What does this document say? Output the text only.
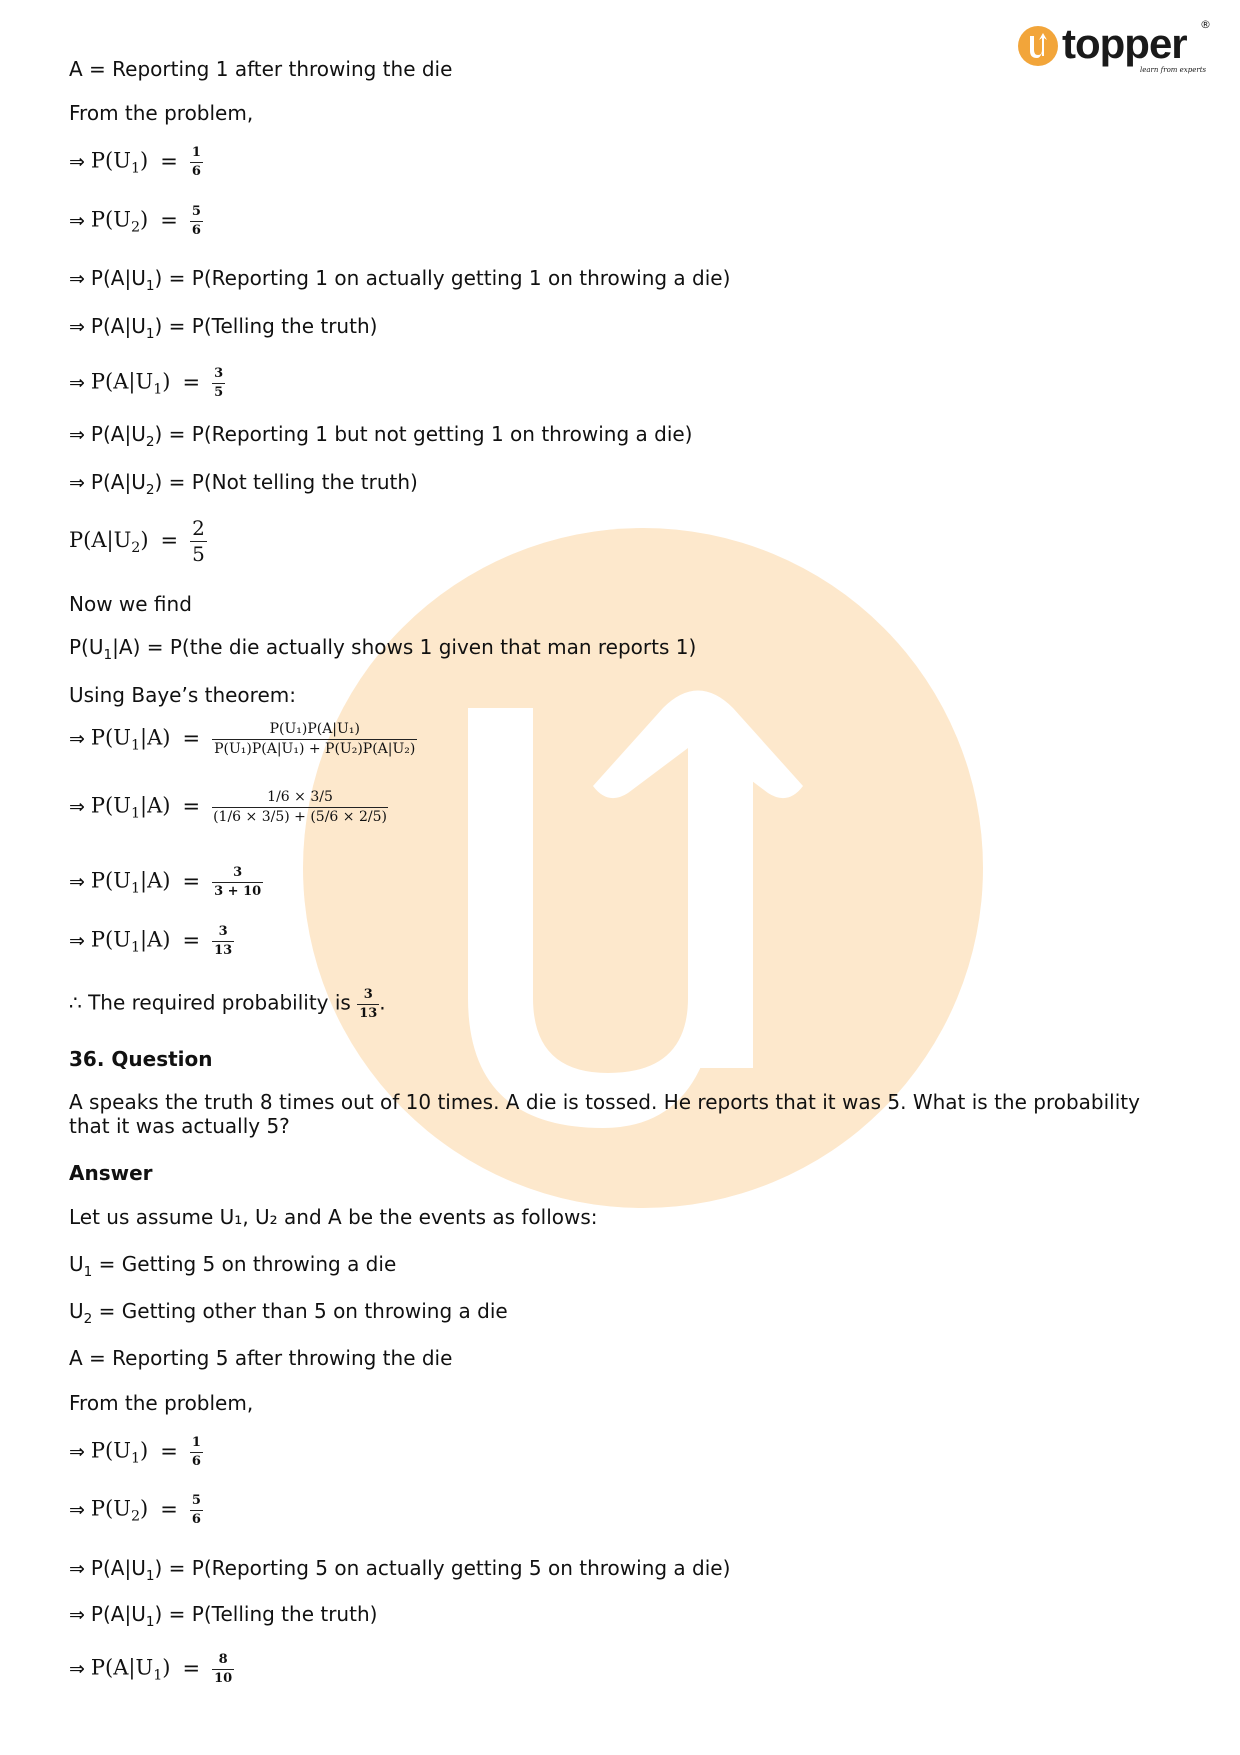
topper ®
learn from experts
A = Reporting 1 after throwing the die
From the problem,
⇒ $P(U_1) = \frac{1}{6}$
⇒ $P(U_2) = \frac{5}{6}$
⇒ $P(A|U_1)$ = P(Reporting 1 on actually getting 1 on throwing a die)
⇒ $P(A|U_1)$ = P(Telling the truth)
⇒ $P(A|U_1) = \frac{3}{5}$
⇒ $P(A|U_2)$ = P(Reporting 1 but not getting 1 on throwing a die)
⇒ $P(A|U_2) = P(Not$ telling the truth)
$P(A|U_2) = \frac{2}{5}$
Now we find
$P(U_1|A) = P(the$ die actually shows 1 given that man reports 1)
Using Baye’s theorem:
⇒ $P(U_1|A) = \frac{\text{P(U₁)P(A|U₁)}}{\text{P(U₁)P(A|U₁) + P(U₂)P(A|U₂)}}$
⇒ $P(U_1|A) = \frac{1/6 \times 3/5}{(1/6 \times 3/5) + (5/6 \times 2/5)}$
⇒ $P(U_1|A) = \frac{3}{3 + 10}$
⇒ $P(U_1|A) = \frac{3}{13}$
∴ The required probability is $\frac{3}{13}$ .
36. Question
A speaks the truth 8 times out of 10 times. A die is tossed. He reports that it was 5. What is the probability that it was actually 5?
Answer
Let us assume U₁, U₂ and A be the events as follows:
$U_1$ = Getting 5 on throwing a die
$U_2$ = Getting other than 5 on throwing a die
A = Reporting 5 after throwing the die
From the problem,
⇒ $P(U_1) = \frac{1}{6}$
⇒ $P(U_2) = \frac{5}{6}$
⇒ $P(A|U_1)$ = P(Reporting 5 on actually getting 5 on throwing a die)
⇒ $P(A|U_1)$ = P(Telling the truth)
⇒ $P(A|U_1) = \frac{8}{10}$
